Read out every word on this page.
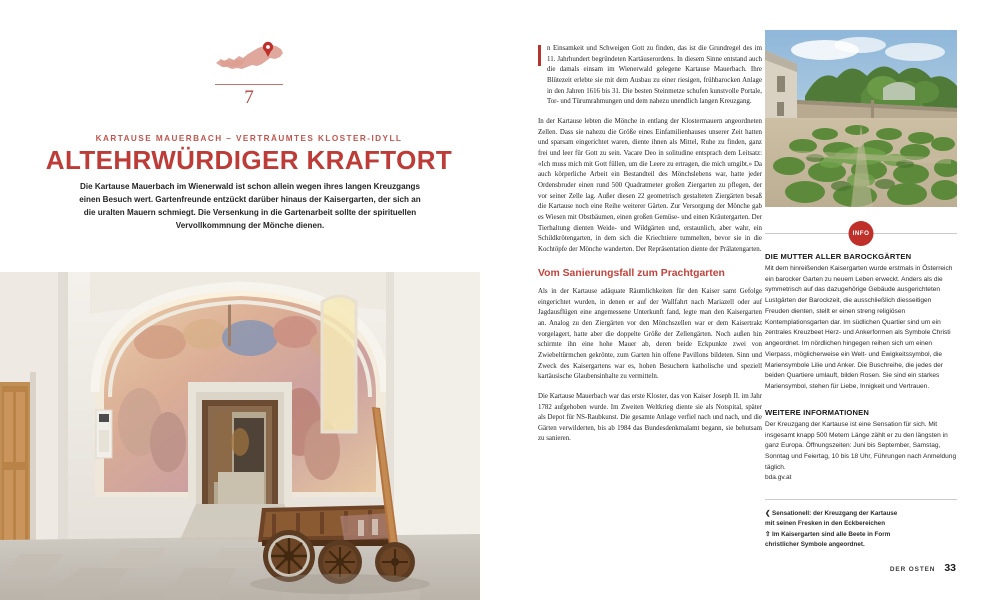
7
KARTAUSE MAUERBACH – VERTRÄUMTES KLOSTER-IDYLL
ALTEHRWÜRDIGER KRAFTORT

Die Kartause Mauerbach im Wienerwald ist schon allein wegen ihres langen Kreuzgangs einen Besuch wert. Gartenfreunde entzückt darüber hinaus der Kaisergarten, der sich an die uralten Mauern schmiegt. Die Versenkung in die Gartenarbeit sollte der spirituellen Vervollkommnung der Mönche dienen.

n Einsamkeit und Schweigen Gott zu finden, das ist die Grundregel des im 11. Jahrhundert begründeten Kartäuserordens. In diesem Sinne entstand auch die damals einsam im Wienerwald gelegene Kartause Mauerbach. Ihre Blütezeit erlebte sie mit dem Ausbau zu einer riesigen, frühbarocken Anlage in den Jahren 1616 bis 31. Die besten Steinmetze schufen kunstvolle Portale, Tor- und Türumrahmungen und dem nahezu unendlich langen Kreuzgang.

In der Kartause lebten die Mönche in entlang der Klostermauern angeordneten Zellen. Dass sie nahezu die Größe eines Einfamilienhauses unserer Zeit hatten und sparsam eingerichtet waren, diente ihnen als Mittel, Ruhe zu finden, ganz frei und leer für Gott zu sein. Vacare Deo in solitudine entsprach dem Leitsatz: «Ich muss mich mit Gott füllen, um die Leere zu ertragen, die mich umgibt.» Da auch körperliche Arbeit ein Bestandteil des Mönchslebens war, hatte jeder Ordensbruder einen rund 500 Quadratmeter großen Ziergarten zu pflegen, der vor seiner Zelle lag. Außer diesen 22 geometrisch gestalteten Ziergärten besaß die Kartause noch eine Reihe weiterer Gärten. Zur Versorgung der Mönche gab es Wiesen mit Obstbäumen, einen großen Gemüse- und einen Kräutergarten. Der Tierhaltung dienten Weide- und Wildgärten und, erstaunlich, aber wahr, ein Schildkrötengarten, in dem sich die Kriechtiere tummelten, bevor sie in die Kochtöpfe der Mönche wanderten. Der Repräsentation diente der Prälatengarten.

Vom Sanierungsfall zum Prachtgarten

Als in der Kartause adäquate Räumlichkeiten für den Kaiser samt Gefolge eingerichtet wurden, in denen er auf der Wallfahrt nach Mariazell oder auf Jagdausflügen eine angemessene Unterkunft fand, legte man den Kaisergarten an. Analog zu den Ziergärten vor den Mönchszellen war er dem Kaisertrakt vorgelagert, hatte aber die doppelte Größe der Zellengärten. Noch außen hin schirmte ihn eine hohe Mauer ab, deren beide Eckpunkte zwei von Zwiebeltürmchen gekrönte, zum Garten hin offene Pavillons bildeten. Sinn und Zweck des Kaisergartens war es, hohen Besuchern katholische und speziell kartäusische Glaubensinhalte zu vermitteln.

Die Kartause Mauerbach war das erste Kloster, das von Kaiser Joseph II. im Jahr 1782 aufgehoben wurde. Im Zweiten Weltkrieg diente sie als Notspital, später als Depot für NS-Raubkunst. Die gesamte Anlage verfiel nach und nach, und die Gärten verwilderten, bis ab 1984 das Bundesdenkmalamt begann, sie behutsam zu sanieren.

INFO
DIE MUTTER ALLER BAROCKGÄRTEN

Mit dem hinreißenden Kaisergarten wurde erstmals in Österreich ein barocker Garten zu neuem Leben erweckt. Anders als die symmetrisch auf das dazugehörige Gebäude ausgerichteten Lustgärten der Barockzeit, die ausschließlich diesseitigen Freuden dienten, stellt er einen streng religiösen Kontemplationsgarten dar. Im südlichen Quartier sind um ein zentrales Kreuzbeet Herz- und Ankerformen als Symbole Christi angeordnet. Im nördlichen hingegen reihen sich um einen Vierpass, möglicherweise ein Welt- und Ewigkeitssymbol, die Mariensymbole Lilie und Anker. Die Buschreihe, die jedes der beiden Quartiere umlauft, bilden Rosen. Sie sind ein starkes Mariensymbol, stehen für Liebe, Innigkeit und Vertrauen.

WEITERE INFORMATIONEN

Der Kreuzgang der Kartause ist eine Sensation für sich. Mit insgesamt knapp 500 Metern Länge zählt er zu den längsten in ganz Europa. Öffnungszeiten: Juni bis September, Samstag, Sonntag und Feiertag, 10 bis 18 Uhr, Führungen nach Anmeldung täglich.

bda.gv.at

❮ Sensationell: der Kreuzgang der Kartause
mit seinen Fresken in den Eckbereichen
⇧ Im Kaisergarten sind alle Beete in Form
christlicher Symbole angeordnet.
DER OSTEN 33
